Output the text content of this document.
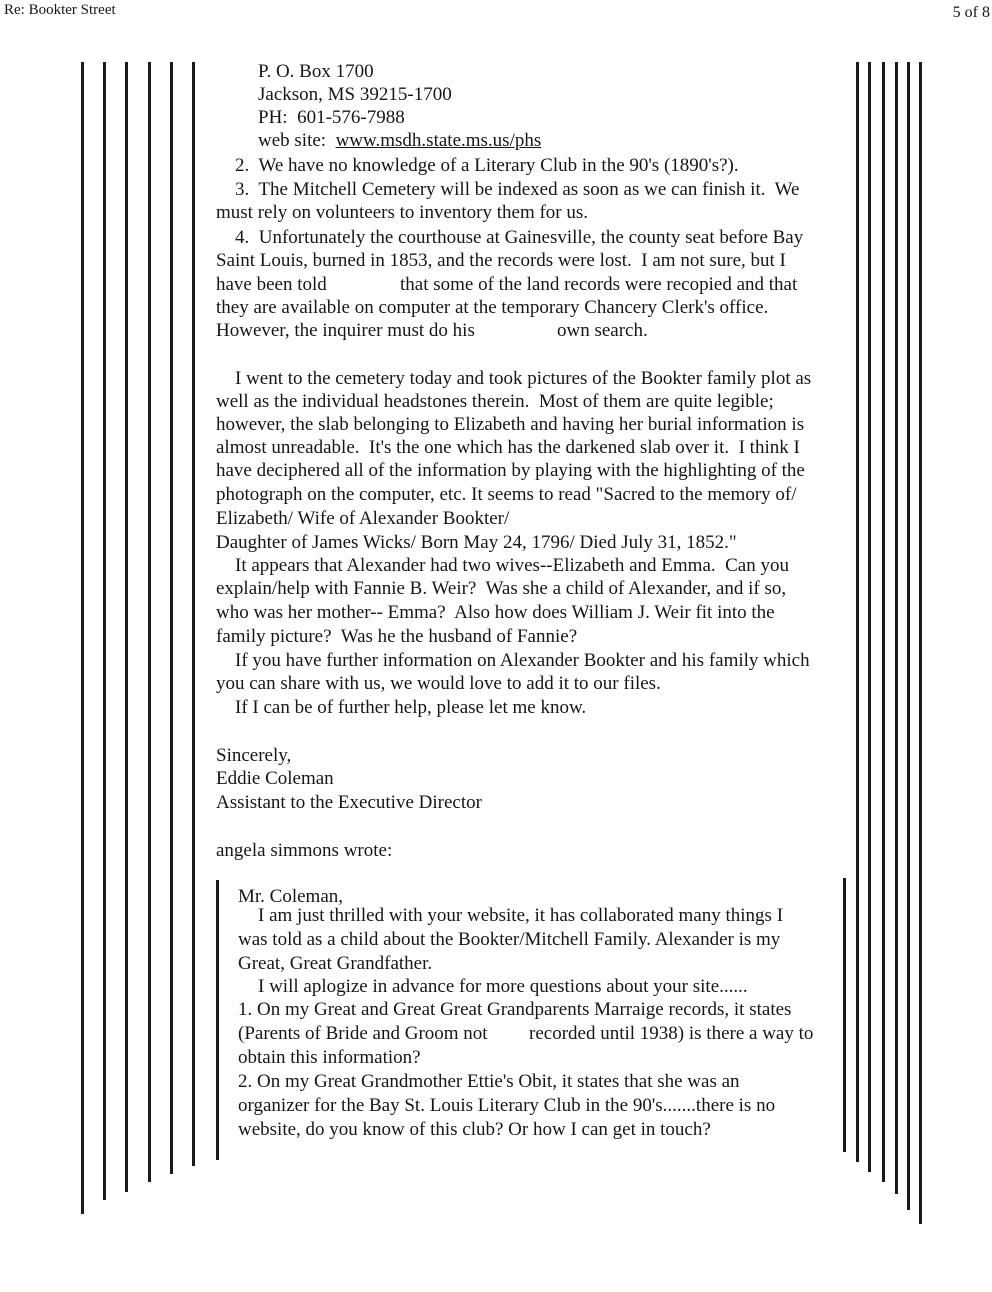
Re: Bookter Street	5 of 8
P. O. Box 1700
Jackson, MS 39215-1700
PH:  601-576-7988
web site:  www.msdh.state.ms.us/phs
2.  We have no knowledge of a Literary Club in the 90's (1890's?).
3.  The Mitchell Cemetery will be indexed as soon as we can finish it.  We
must rely on volunteers to inventory them for us.
4.  Unfortunately the courthouse at Gainesville, the county seat before Bay
Saint Louis, burned in 1853, and the records were lost.  I am not sure, but I
have been told	that some of the land records were recopied and that
they are available on computer at the temporary Chancery Clerk's office.
However, the inquirer must do his	own search.
I went to the cemetery today and took pictures of the Bookter family plot as
well as the individual headstones therein.  Most of them are quite legible;
however, the slab belonging to Elizabeth and having her burial information is
almost unreadable.  It's the one which has the darkened slab over it.  I think I
have deciphered all of the information by playing with the highlighting of the
photograph on the computer, etc. It seems to read "Sacred to the memory of/
Elizabeth/ Wife of Alexander Bookter/
Daughter of James Wicks/ Born May 24, 1796/ Died July 31, 1852."
It appears that Alexander had two wives--Elizabeth and Emma.  Can you
explain/help with Fannie B. Weir?  Was she a child of Alexander, and if so,
who was her mother-- Emma?  Also how does William J. Weir fit into the
family picture?  Was he the husband of Fannie?
If you have further information on Alexander Bookter and his family which
you can share with us, we would love to add it to our files.
If I can be of further help, please let me know.
Sincerely,
Eddie Coleman
Assistant to the Executive Director
angela simmons wrote:
Mr. Coleman,
I am just thrilled with your website, it has collaborated many things I
was told as a child about the Bookter/Mitchell Family. Alexander is my
Great, Great Grandfather.
I will aplogize in advance for more questions about your site......
1. On my Great and Great Great Grandparents Marraige records, it states
(Parents of Bride and Groom not recorded until 1938) is there a way to
obtain this information?
2. On my Great Grandmother Ettie's Obit, it states that she was an
organizer for the Bay St. Louis Literary Club in the 90's.......there is no
website, do you know of this club? Or how I can get in touch?
